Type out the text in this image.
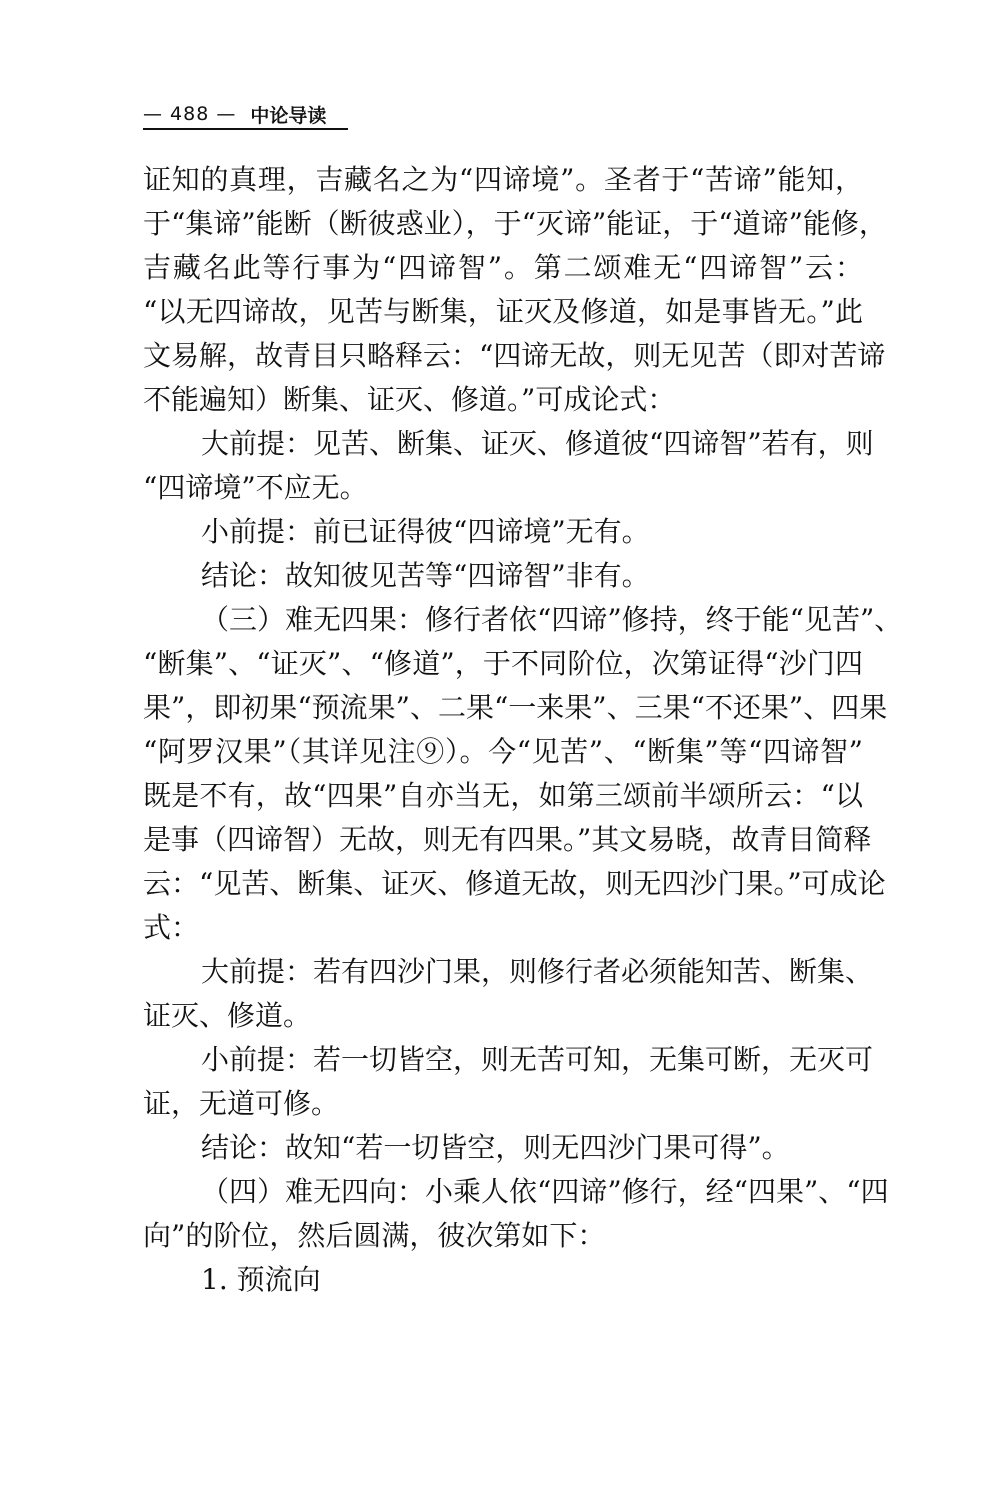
— 488 — 中论导读
证知的真理，吉藏名之为“四谛境”。圣者于“苦谛”能知，
于“集谛”能断（断彼惑业），于“灭谛”能证，于“道谛”能修，
吉藏名此等行事为“四谛智”。第二颂难无“四谛智”云：
“以无四谛故，见苦与断集，证灭及修道，如是事皆无。”此
文易解，故青目只略释云：“四谛无故，则无见苦（即对苦谛
不能遍知）断集、证灭、修道。”可成论式：
大前提：见苦、断集、证灭、修道彼“四谛智”若有，则
“四谛境”不应无。
小前提：前已证得彼“四谛境”无有。
结论：故知彼见苦等“四谛智”非有。
（三）难无四果：修行者依“四谛”修持，终于能“见苦”、
“断集”、“证灭”、“修道”，于不同阶位，次第证得“沙门四
果”，即初果“预流果”、二果“一来果”、三果“不还果”、四果
“阿罗汉果”（其详见注⑨）。今“见苦”、“断集”等“四谛智”
既是不有，故“四果”自亦当无，如第三颂前半颂所云：“以
是事（四谛智）无故，则无有四果。”其文易晓，故青目简释
云：“见苦、断集、证灭、修道无故，则无四沙门果。”可成论
式：
大前提：若有四沙门果，则修行者必须能知苦、断集、
证灭、修道。
小前提：若一切皆空，则无苦可知，无集可断，无灭可
证，无道可修。
结论：故知“若一切皆空，则无四沙门果可得”。
（四）难无四向：小乘人依“四谛”修行，经“四果”、“四
向”的阶位，然后圆满，彼次第如下：
1. 预流向
